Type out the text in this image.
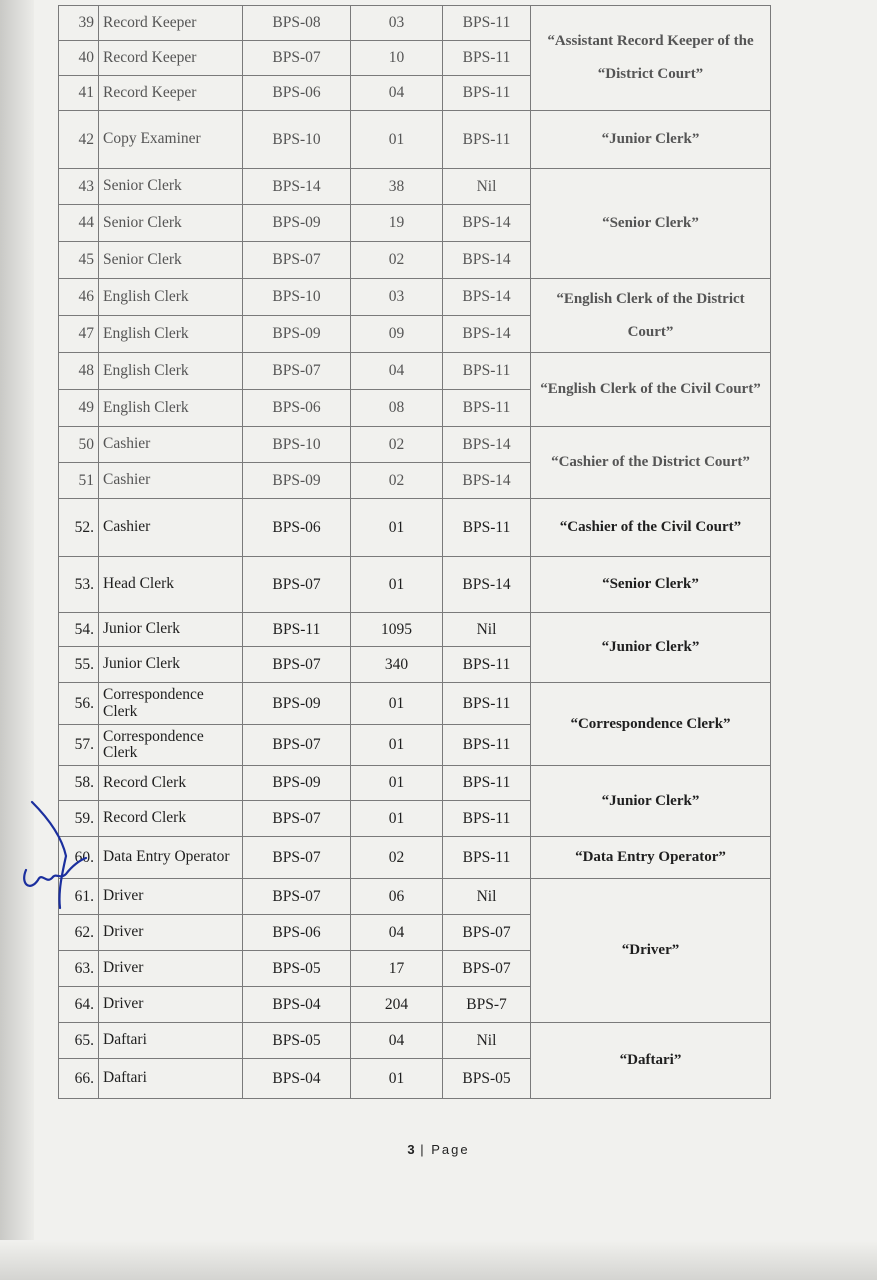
39	Record Keeper	BPS-08	03	BPS-11	“Assistant Record Keeper of the “District Court”
40	Record Keeper	BPS-07	10	BPS-11	
41	Record Keeper	BPS-06	04	BPS-11	
42	Copy Examiner	BPS-10	01	BPS-11	“Junior Clerk”
43	Senior Clerk	BPS-14	38	Nil	“Senior Clerk”
44	Senior Clerk	BPS-09	19	BPS-14	
45	Senior Clerk	BPS-07	02	BPS-14	
46	English Clerk	BPS-10	03	BPS-14	“English Clerk of the District Court”
47	English Clerk	BPS-09	09	BPS-14	
48	English Clerk	BPS-07	04	BPS-11	“English Clerk of the Civil Court”
49	English Clerk	BPS-06	08	BPS-11	
50	Cashier	BPS-10	02	BPS-14	“Cashier of the District Court”
51	Cashier	BPS-09	02	BPS-14	
52.	Cashier	BPS-06	01	BPS-11	“Cashier of the Civil Court”
53.	Head Clerk	BPS-07	01	BPS-14	“Senior Clerk”
54.	Junior Clerk	BPS-11	1095	Nil	“Junior Clerk”
55.	Junior Clerk	BPS-07	340	BPS-11	
56.	Correspondence Clerk	BPS-09	01	BPS-11	“Correspondence Clerk”
57.	Correspondence Clerk	BPS-07	01	BPS-11	
58.	Record Clerk	BPS-09	01	BPS-11	“Junior Clerk”
59.	Record Clerk	BPS-07	01	BPS-11	
60.	Data Entry Operator	BPS-07	02	BPS-11	“Data Entry Operator”
61.	Driver	BPS-07	06	Nil	“Driver”
62.	Driver	BPS-06	04	BPS-07	
63.	Driver	BPS-05	17	BPS-07	
64.	Driver	BPS-04	204	BPS-7	
65.	Daftari	BPS-05	04	Nil	“Daftari”
66.	Daftari	BPS-04	01	BPS-05	
3 | Page
